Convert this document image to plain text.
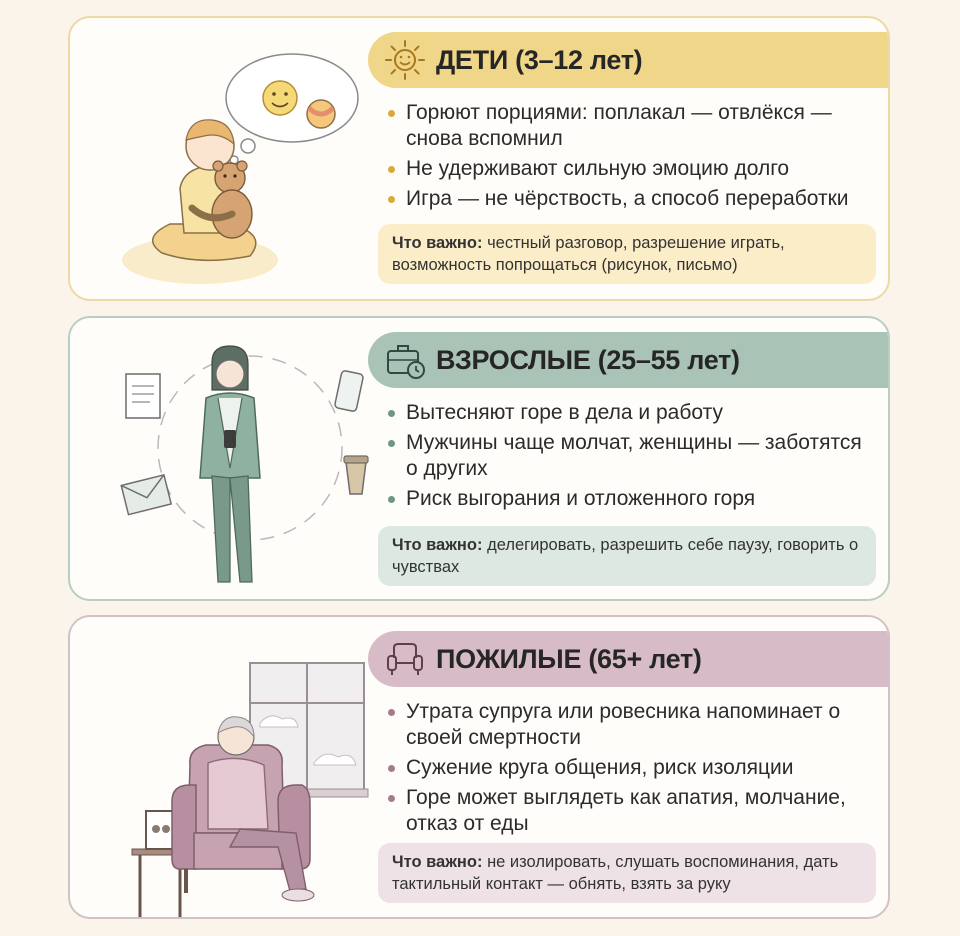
ДЕТИ (3–12 лет)
Горюют порциями: поплакал — отвлёкся — снова вспомнил
Не удерживают сильную эмоцию долго
Игра — не чёрствость, а способ переработки
Что важно: честный разговор, разрешение играть, возможность попрощаться (рисунок, письмо)
ВЗРОСЛЫЕ (25–55 лет)
Вытесняют горе в дела и работу
Мужчины чаще молчат, женщины — заботятся о других
Риск выгорания и отложенного горя
Что важно: делегировать, разрешить себе паузу, говорить о чувствах
ПОЖИЛЫЕ (65+ лет)
Утрата супруга или ровесника напоминает о своей смертности
Сужение круга общения, риск изоляции
Горе может выглядеть как апатия, молчание, отказ от еды
Что важно: не изолировать, слушать воспоминания, дать тактильный контакт — обнять, взять за руку
